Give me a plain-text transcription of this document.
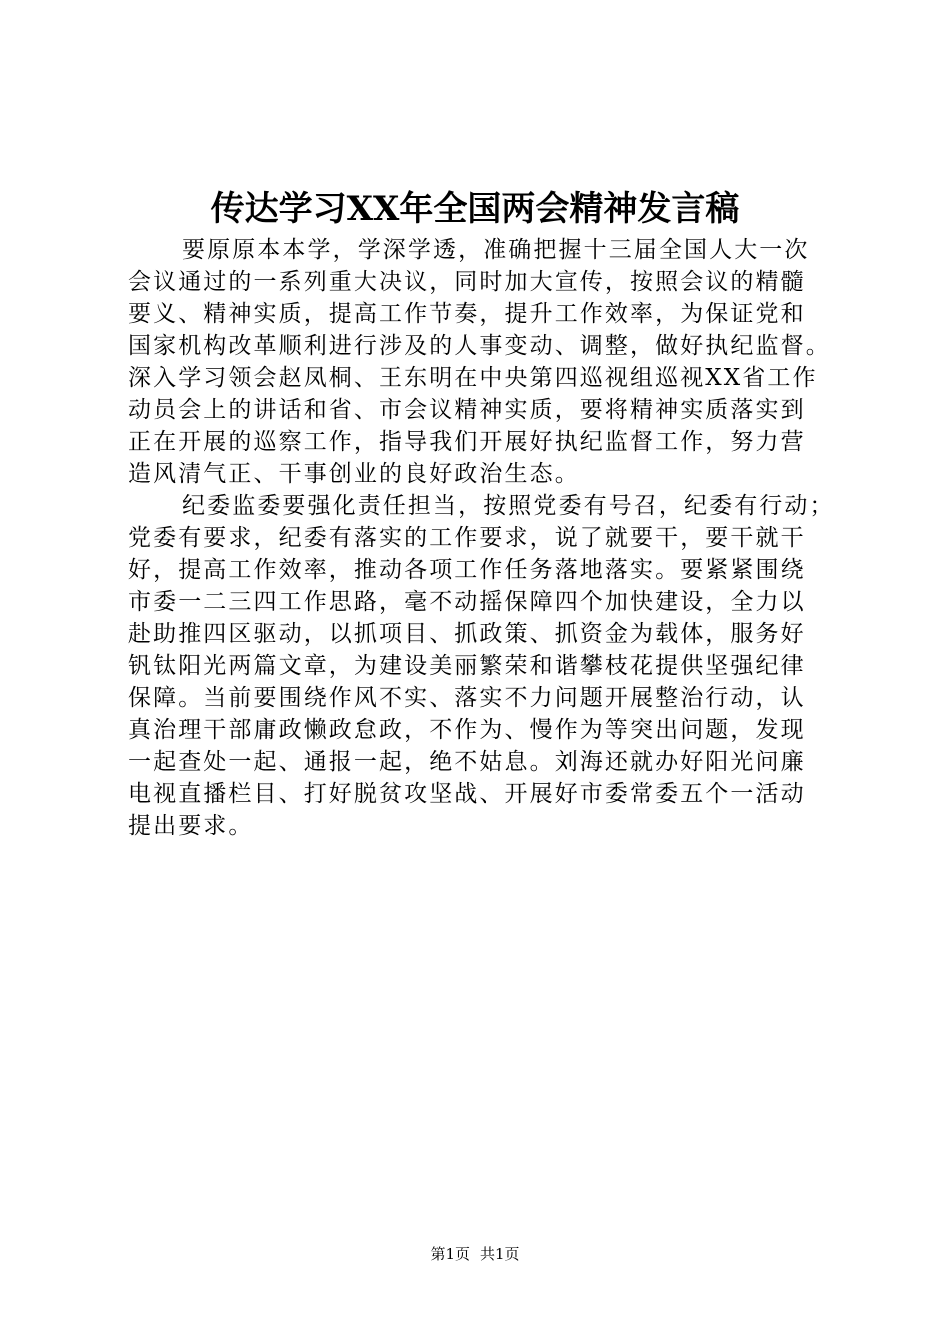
传达学习XX年全国两会精神发言稿
要原原本本学，学深学透，准确把握十三届全国人大一次
会议通过的一系列重大决议，同时加大宣传，按照会议的精髓
要义、精神实质，提高工作节奏，提升工作效率，为保证党和
国家机构改革顺利进行涉及的人事变动、调整，做好执纪监督。
深入学习领会赵凤桐、王东明在中央第四巡视组巡视XX省工作
动员会上的讲话和省、市会议精神实质，要将精神实质落实到
正在开展的巡察工作，指导我们开展好执纪监督工作，努力营
造风清气正、干事创业的良好政治生态。
纪委监委要强化责任担当，按照党委有号召，纪委有行动；
党委有要求，纪委有落实的工作要求，说了就要干，要干就干
好，提高工作效率，推动各项工作任务落地落实。要紧紧围绕
市委一二三四工作思路，毫不动摇保障四个加快建设，全力以
赴助推四区驱动，以抓项目、抓政策、抓资金为载体，服务好
钒钛阳光两篇文章，为建设美丽繁荣和谐攀枝花提供坚强纪律
保障。当前要围绕作风不实、落实不力问题开展整治行动，认
真治理干部庸政懒政怠政，不作为、慢作为等突出问题，发现
一起查处一起、通报一起，绝不姑息。刘海还就办好阳光问廉
电视直播栏目、打好脱贫攻坚战、开展好市委常委五个一活动
提出要求。
第1页 共1页
